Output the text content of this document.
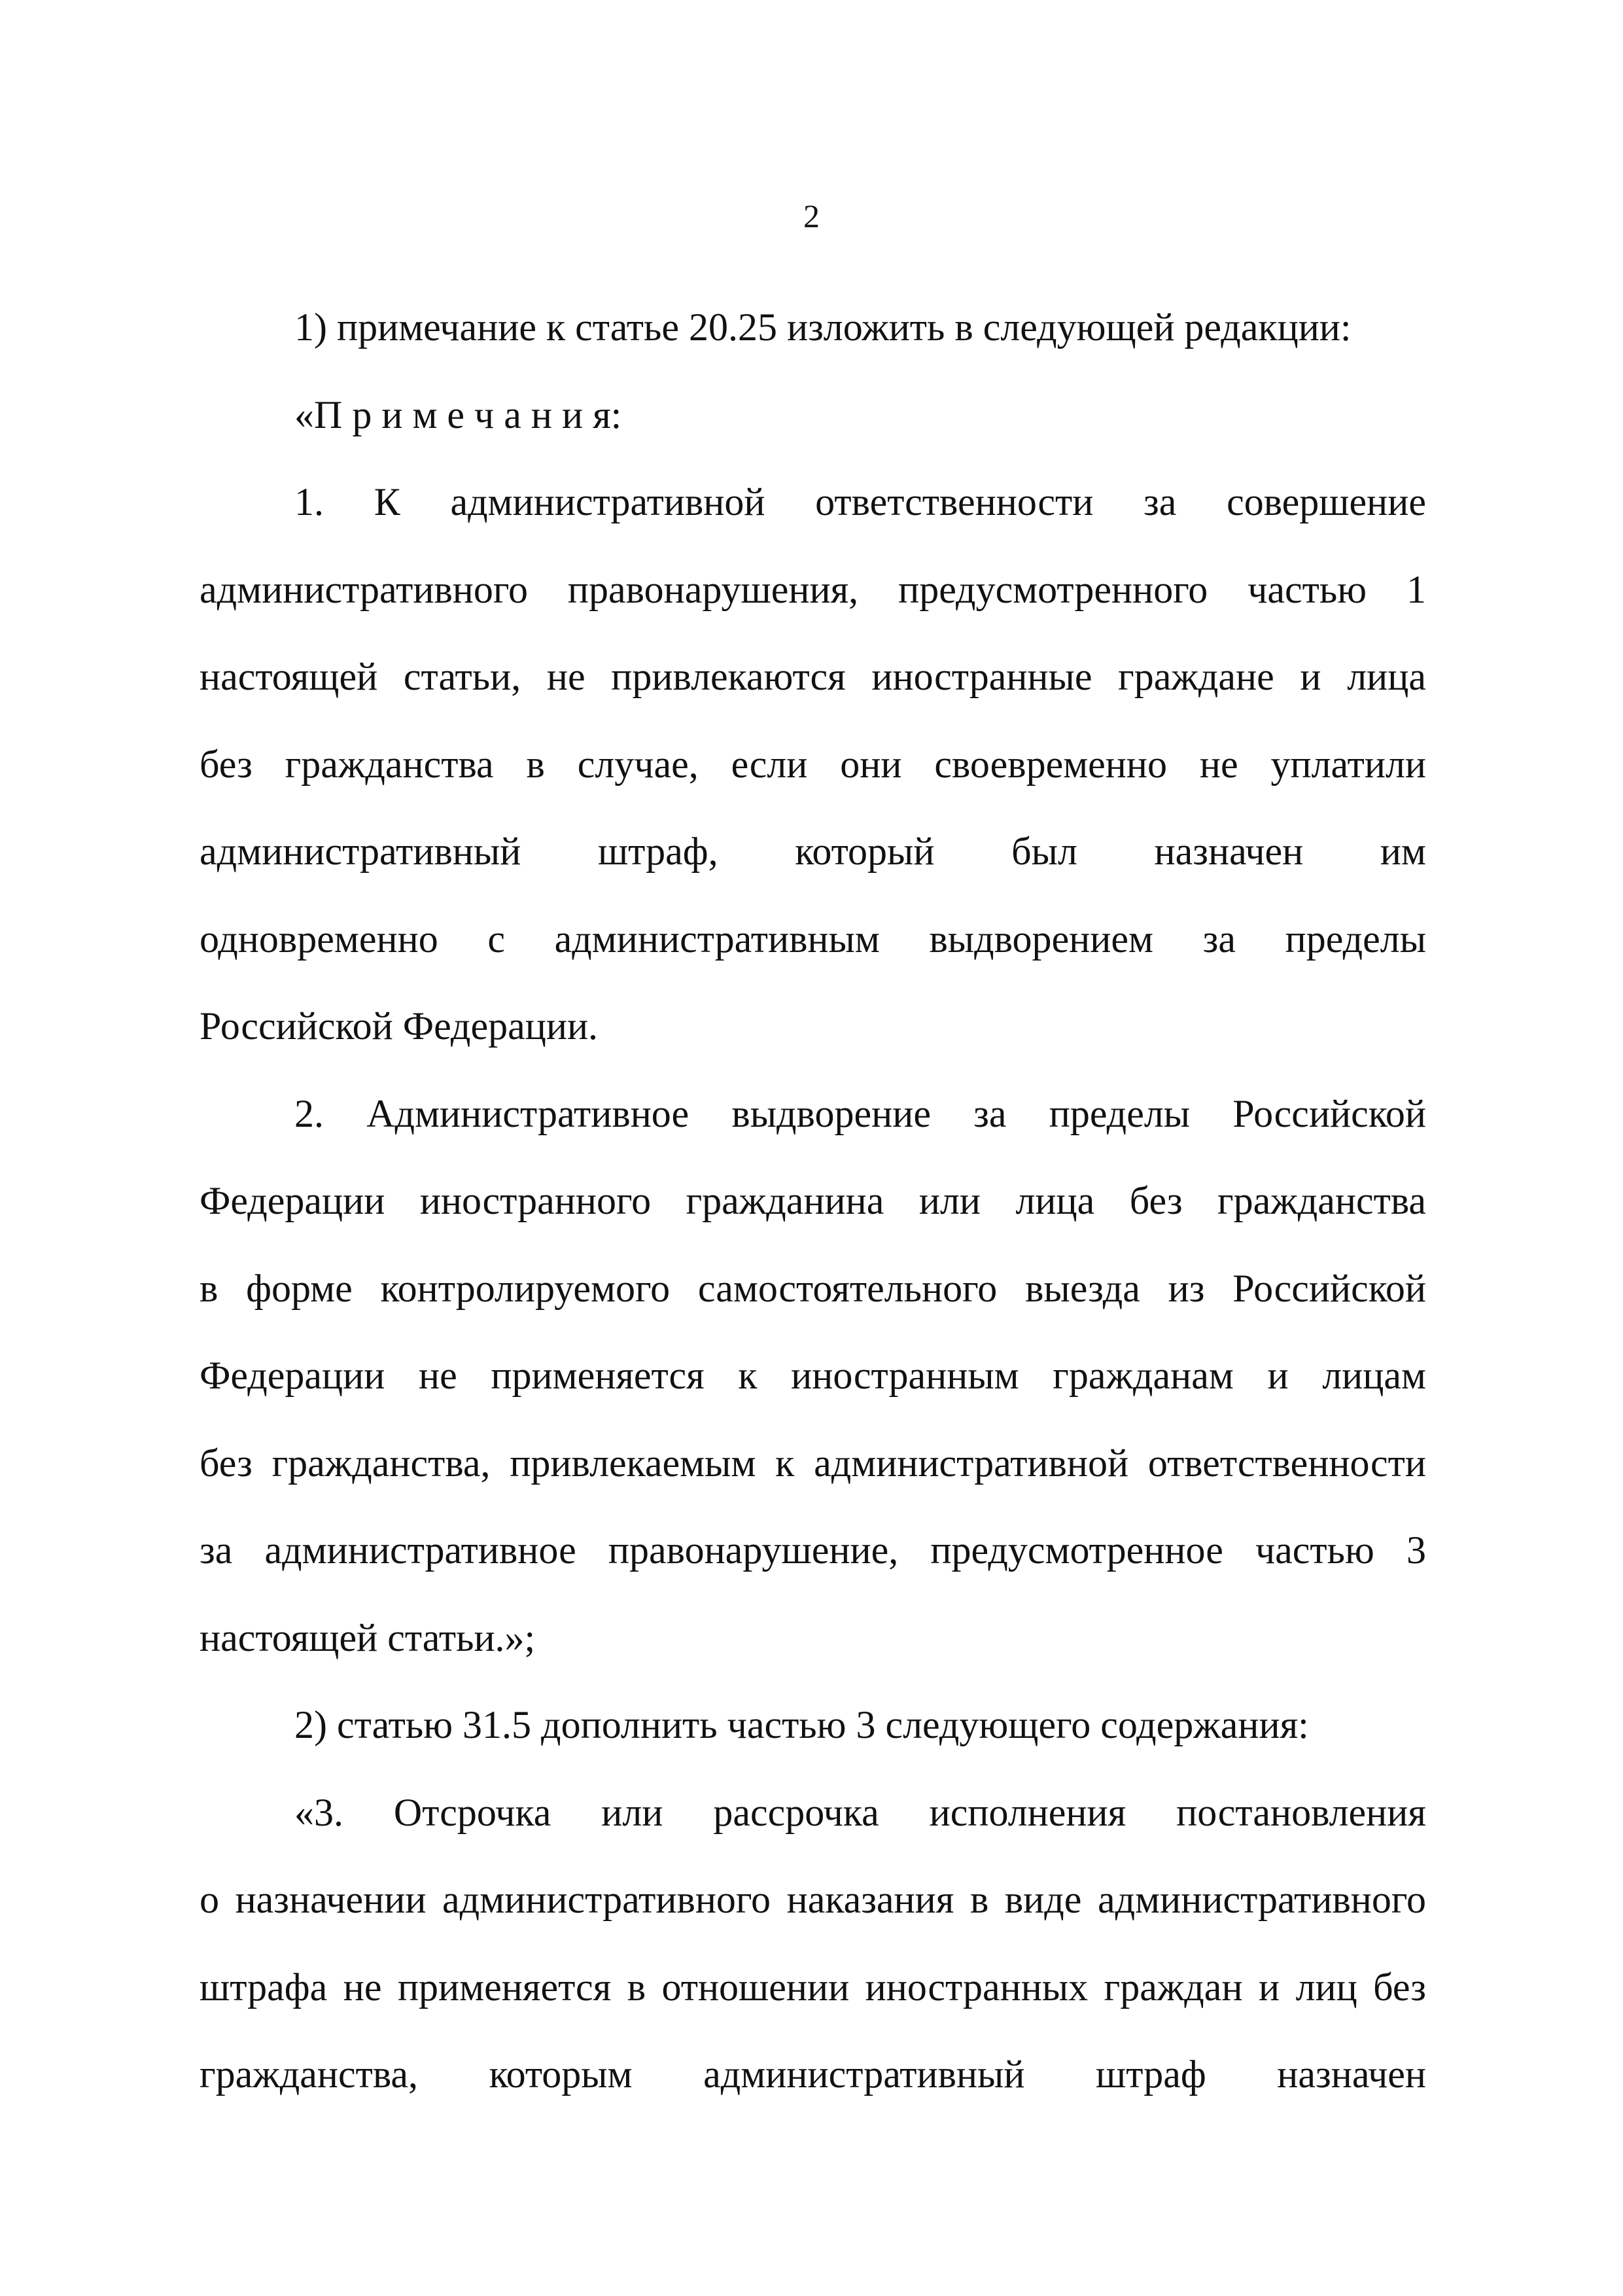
2
1) примечание к статье 20.25 изложить в следующей редакции:
«П р и м е ч а н и я:
1. К административной ответственности за совершение
административного правонарушения, предусмотренного частью 1
настоящей статьи, не привлекаются иностранные граждане и лица
без гражданства в случае, если они своевременно не уплатили
административный штраф, который был назначен им
одновременно с административным выдворением за пределы
Российской Федерации.
2. Административное выдворение за пределы Российской
Федерации иностранного гражданина или лица без гражданства
в форме контролируемого самостоятельного выезда из Российской
Федерации не применяется к иностранным гражданам и лицам
без гражданства, привлекаемым к административной ответственности
за административное правонарушение, предусмотренное частью 3
настоящей статьи.»;
2) статью 31.5 дополнить частью 3 следующего содержания:
«3. Отсрочка или рассрочка исполнения постановления
о назначении административного наказания в виде административного
штрафа не применяется в отношении иностранных граждан и лиц без
гражданства, которым административный штраф назначен
